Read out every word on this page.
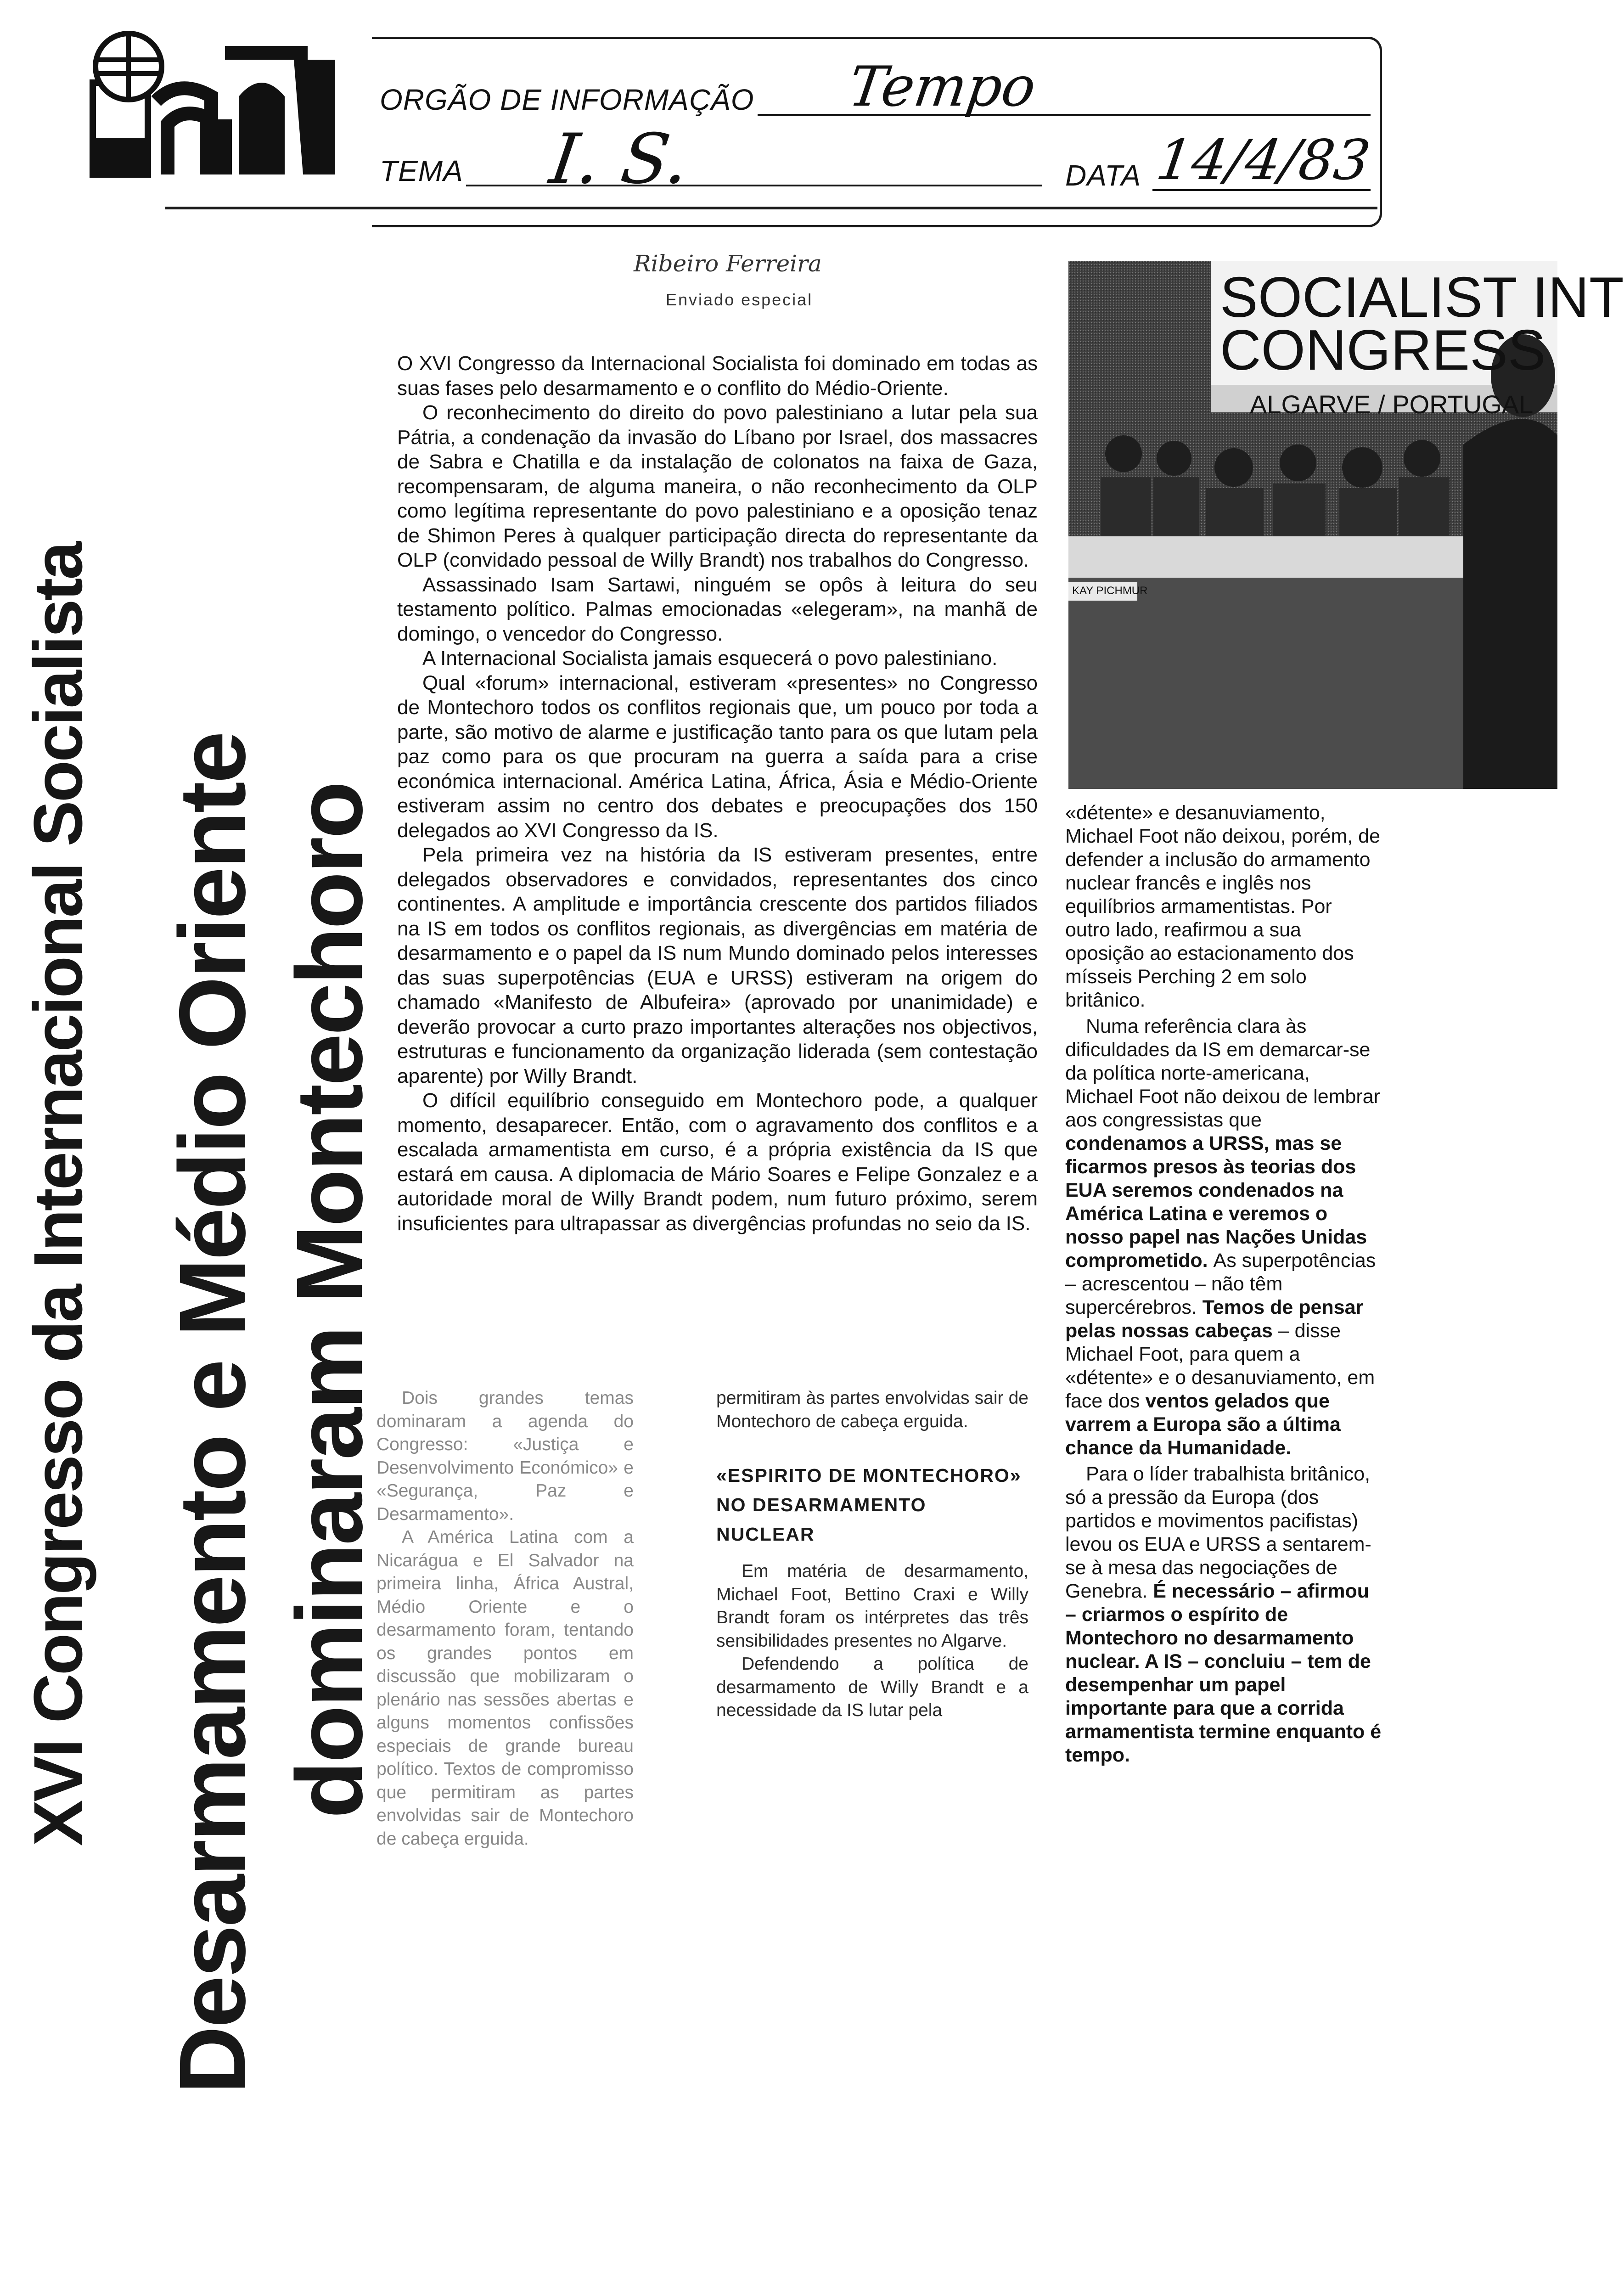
ORGÃO DE INFORMAÇÃO Tempo
TEMA I. S.	DATA 14/4/83
XVI Congresso da Internacional Socialista Desarmamento e Médio Oriente dominaram Montechoro
Ribeiro Ferreira
Enviado especial

O XVI Congresso da Internacional Socialista foi dominado em todas as suas fases pelo desarmamento e o conflito do Médio-Oriente.

O reconhecimento do direito do povo palestiniano a lutar pela sua Pátria, a condenação da invasão do Líbano por Israel, dos massacres de Sabra e Chatilla e da instalação de colonatos na faixa de Gaza, recompensaram, de alguma maneira, o não reconhecimento da OLP como legítima representante do povo palestiniano e a oposição tenaz de Shimon Peres à qualquer participação directa do representante da OLP (convidado pessoal de Willy Brandt) nos trabalhos do Congresso.

Assassinado Isam Sartawi, ninguém se opôs à leitura do seu testamento político. Palmas emocionadas «elegeram», na manhã de domingo, o vencedor do Congresso.

A Internacional Socialista jamais esquecerá o povo palestiniano.

Qual «forum» internacional, estiveram «presentes» no Congresso de Montechoro todos os conflitos regionais que, um pouco por toda a parte, são motivo de alarme e justificação tanto para os que lutam pela paz como para os que procuram na guerra a saída para a crise económica internacional. América Latina, África, Ásia e Médio-Oriente estiveram assim no centro dos debates e preocupações dos 150 delegados ao XVI Congresso da IS.

Pela primeira vez na história da IS estiveram presentes, entre delegados observadores e convidados, representantes dos cinco continentes. A amplitude e importância crescente dos partidos filiados na IS em todos os conflitos regionais, as divergências em matéria de desarmamento e o papel da IS num Mundo dominado pelos interesses das suas superpotências (EUA e URSS) estiveram na origem do chamado «Manifesto de Albufeira» (aprovado por unanimidade) e deverão provocar a curto prazo importantes alterações nos objectivos, estruturas e funcionamento da organização liderada (sem contestação aparente) por Willy Brandt.

O difícil equilíbrio conseguido em Montechoro pode, a qualquer momento, desaparecer. Então, com o agravamento dos conflitos e a escalada armamentista em curso, é a própria existência da IS que estará em causa. A diplomacia de Mário Soares e Felipe Gonzalez e a autoridade moral de Willy Brandt podem, num futuro próximo, serem insuficientes para ultrapassar as divergências profundas no seio da IS.

Dois grandes temas dominaram a agenda do Congresso: «Justiça e Desenvolvimento Económico» e «Segurança, Paz e Desarmamento».

A América Latina com a Nicarágua e El Salvador na primeira linha, África Austral, Médio Oriente e o desarmamento foram, tentando os grandes pontos em discussão que mobilizaram o plenário nas sessões abertas e alguns momentos confissões especiais de grande bureau político. Textos de compromisso que permitiram as partes envolvidas sair de Montechoro de cabeça erguida.

permitiram às partes envolvidas sair de Montechoro de cabeça erguida.

«ESPIRITO DE MONTECHORO» NO DESARMAMENTO NUCLEAR

Em matéria de desarmamento, Michael Foot, Bettino Craxi e Willy Brandt foram os intérpretes das três sensibilidades presentes no Algarve.

Defendendo a política de desarmamento de Willy Brandt e a necessidade da IS lutar pela

SOCIALIST INT
CONGRESS
ALGARVE / PORTUGAL
KAY PICHMUR

«détente» e desanuviamento, Michael Foot não deixou, porém, de defender a inclusão do armamento nuclear francês e inglês nos equilíbrios armamentistas. Por outro lado, reafirmou a sua oposição ao estacionamento dos mísseis Perching 2 em solo britânico.

Numa referência clara às dificuldades da IS em demarcar-se da política norte-americana, Michael Foot não deixou de lembrar aos congressistas que condenamos a URSS, mas se ficarmos presos às teorias dos EUA seremos condenados na América Latina e veremos o nosso papel nas Nações Unidas comprometido. As superpotências – acrescentou – não têm supercérebros. Temos de pensar pelas nossas cabeças – disse Michael Foot, para quem a «détente» e o desanuviamento, em face dos ventos gelados que varrem a Europa são a última chance da Humanidade.

Para o líder trabalhista britânico, só a pressão da Europa (dos partidos e movimentos pacifistas) levou os EUA e URSS a sentarem-se à mesa das negociações de Genebra. É necessário – afirmou – criarmos o espírito de Montechoro no desarmamento nuclear. A IS – concluiu – tem de desempenhar um papel importante para que a corrida armamentista termine enquanto é tempo.
